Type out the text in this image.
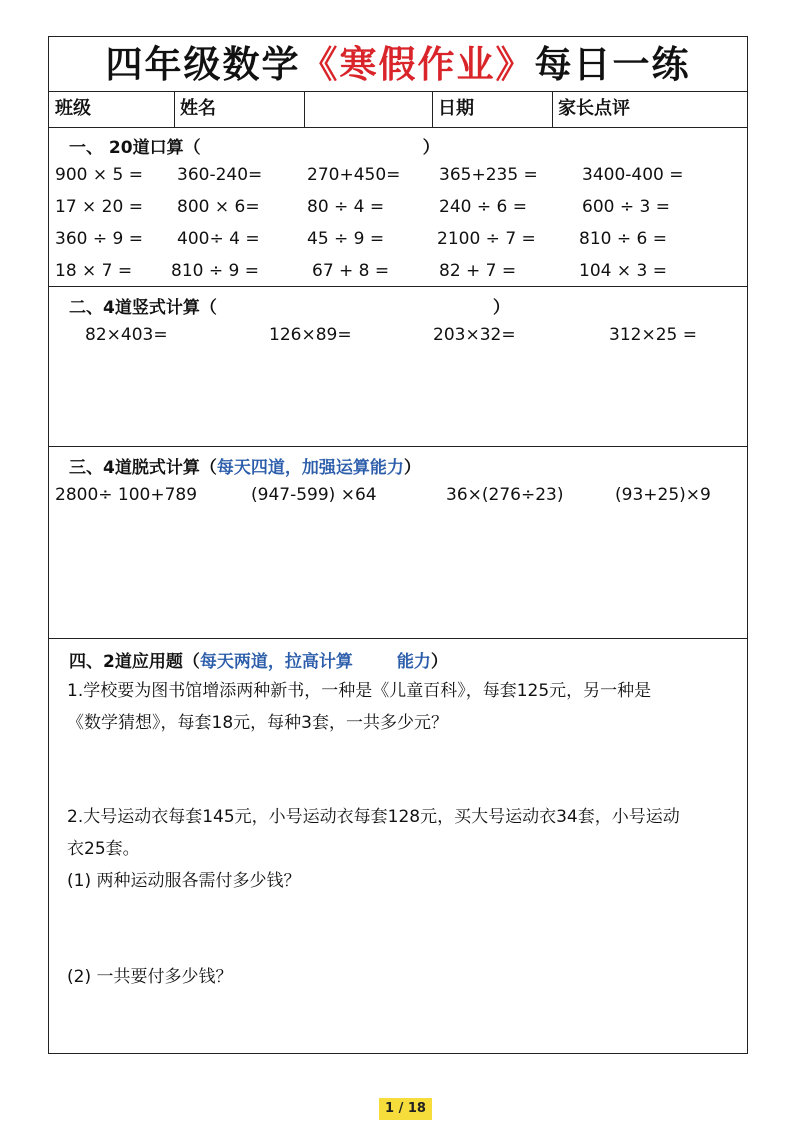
四年级数学《寒假作业》每日一练
班级	姓名	日期	家长点评
一、 20道口算（	）
900 × 5 = 360-240=	270+450= 365+235 =	3400-400 =
17 × 20 = 800 × 6=	80 ÷ 4 =	240 ÷ 6 =	600 ÷ 3 =
360 ÷ 9 = 400÷ 4 =	45 ÷ 9 =	2100 ÷ 7 =	810 ÷ 6 =
18 × 7 = 810 ÷ 9 =	67 + 8 =	82 + 7 =	104 × 3 =
二、4道竖式计算（	）
82×403=	126×89=	203×32=	312×25 =
三、4道脱式计算（每天四道，加强运算能力）
2800÷ 100+789	(947-599) ×64	36×(276÷23)	(93+25)×9
四、2道应用题（每天两道，拉高计算	能力）
1.学校要为图书馆增添两种新书，一种是《儿童百科》，每套125元，另一种是
《数学猜想》，每套18元，每种3套，一共多少元？
2.大号运动衣每套145元，小号运动衣每套128元，买大号运动衣34套，小号运动
衣25套。
(1) 两种运动服各需付多少钱？
(2) 一共要付多少钱？
1 / 18
